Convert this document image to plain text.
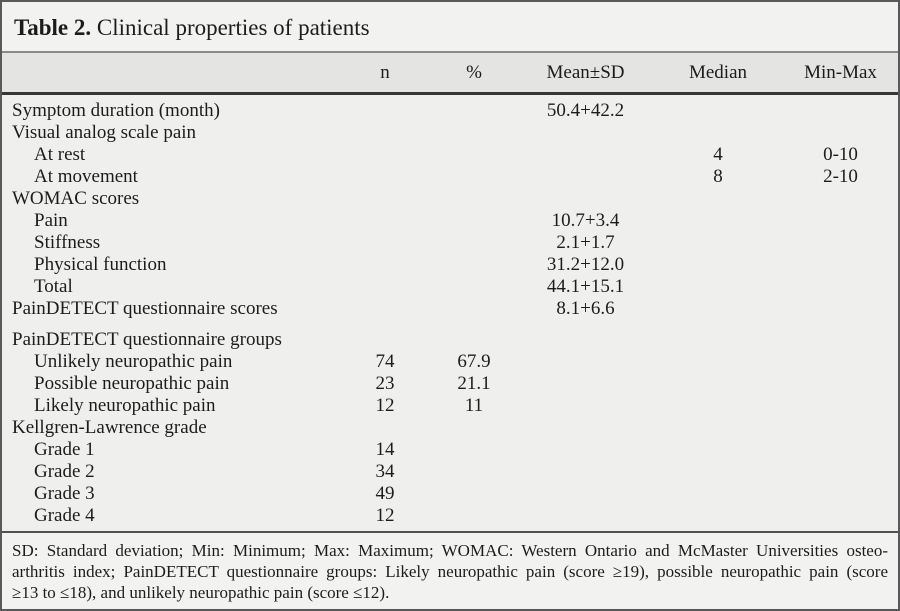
Table 2. Clinical properties of patients
	n	%	Mean±SD	Median	Min-Max
Symptom duration (month)			50.4+42.2		
Visual analog scale pain					
At rest				4	0-10
At movement				8	2-10
WOMAC scores					
Pain			10.7+3.4		
Stiffness			2.1+1.7		
Physical function			31.2+12.0		
Total			44.1+15.1		
PainDETECT questionnaire scores			8.1+6.6		
PainDETECT questionnaire groups					
Unlikely neuropathic pain	74	67.9			
Possible neuropathic pain	23	21.1			
Likely neuropathic pain	12	11			
Kellgren-Lawrence grade					
Grade 1	14				
Grade 2	34				
Grade 3	49				
Grade 4	12				
SD: Standard deviation; Min: Minimum; Max: Maximum; WOMAC: Western Ontario and McMaster Universities osteo-
arthritis index; PainDETECT questionnaire groups: Likely neuropathic pain (score ≥19), possible neuropathic pain (score
≥13 to ≤18), and unlikely neuropathic pain (score ≤12).
